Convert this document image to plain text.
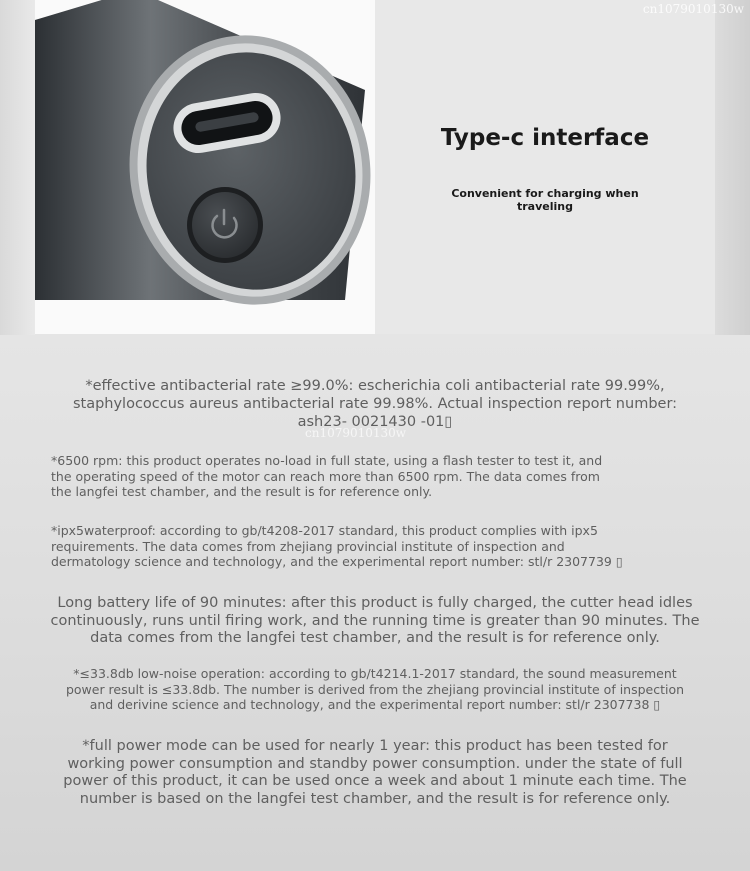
cn1079010130w
Type-c interface
Convenient for charging when
traveling
*effective antibacterial rate ≥99.0%: escherichia coli antibacterial rate 99.99%,
staphylococcus aureus antibacterial rate 99.98%. Actual inspection report number:
ash23- 0021430 -01▯
cn1079010130w
*6500 rpm: this product operates no-load in full state, using a flash tester to test it, and
the operating speed of the motor can reach more than 6500 rpm. The data comes from
the langfei test chamber, and the result is for reference only.
*ipx5waterproof: according to gb/t4208-2017 standard, this product complies with ipx5
requirements. The data comes from zhejiang provincial institute of inspection and
dermatology science and technology, and the experimental report number: stl/r 2307739 ▯
Long battery life of 90 minutes: after this product is fully charged, the cutter head idles
continuously, runs until firing work, and the running time is greater than 90 minutes. The
data comes from the langfei test chamber, and the result is for reference only.
*≤33.8db low-noise operation: according to gb/t4214.1-2017 standard, the sound measurement
power result is ≤33.8db. The number is derived from the zhejiang provincial institute of inspection
and derivine science and technology, and the experimental report number: stl/r 2307738 ▯
*full power mode can be used for nearly 1 year: this product has been tested for
working power consumption and standby power consumption. under the state of full
power of this product, it can be used once a week and about 1 minute each time. The
number is based on the langfei test chamber, and the result is for reference only.
